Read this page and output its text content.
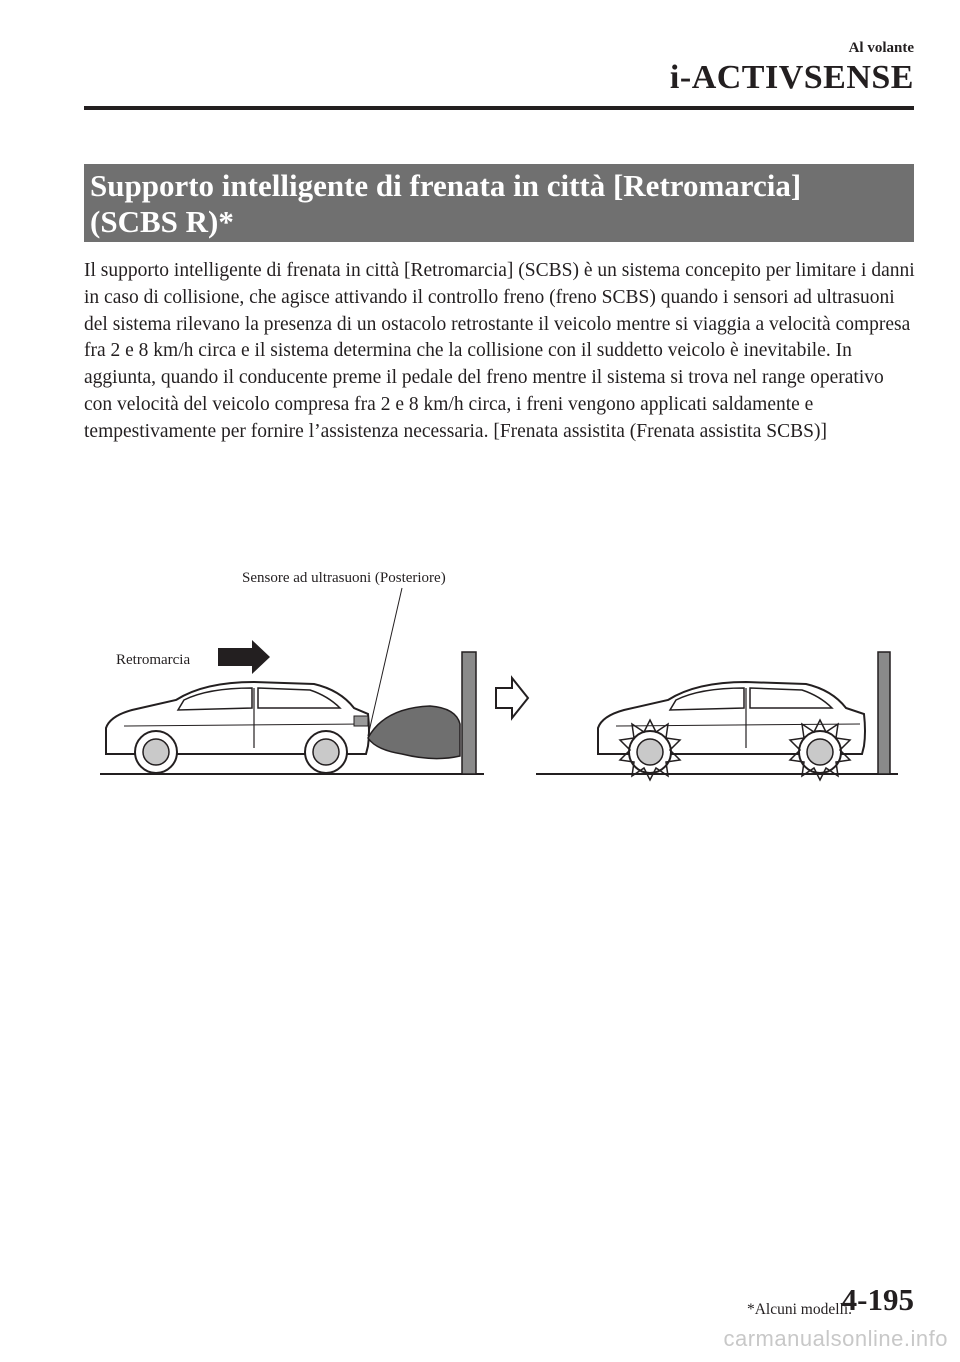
Al volante
i-ACTIVSENSE
Supporto intelligente di frenata in città [Retromarcia]
(SCBS R)*

Il supporto intelligente di frenata in città [Retromarcia] (SCBS) è un sistema concepito per limitare i danni in caso di collisione, che agisce attivando il controllo freno (freno SCBS) quando i sensori ad ultrasuoni del sistema rilevano la presenza di un ostacolo retrostante il veicolo mentre si viaggia a velocità compresa fra 2 e 8 km/h circa e il sistema determina che la collisione con il suddetto veicolo è inevitabile. In aggiunta, quando il conducente preme il pedale del freno mentre il sistema si trova nel range operativo con velocità del veicolo compresa fra 2 e 8 km/h circa, i freni vengono applicati saldamente e tempestivamente per fornire l’assistenza necessaria. [Frenata assistita (Frenata assistita SCBS)]

Sensore ad ultrasuoni (Posteriore)
Retromarcia
*Alcuni modelli.
4-195
carmanualsonline.info
